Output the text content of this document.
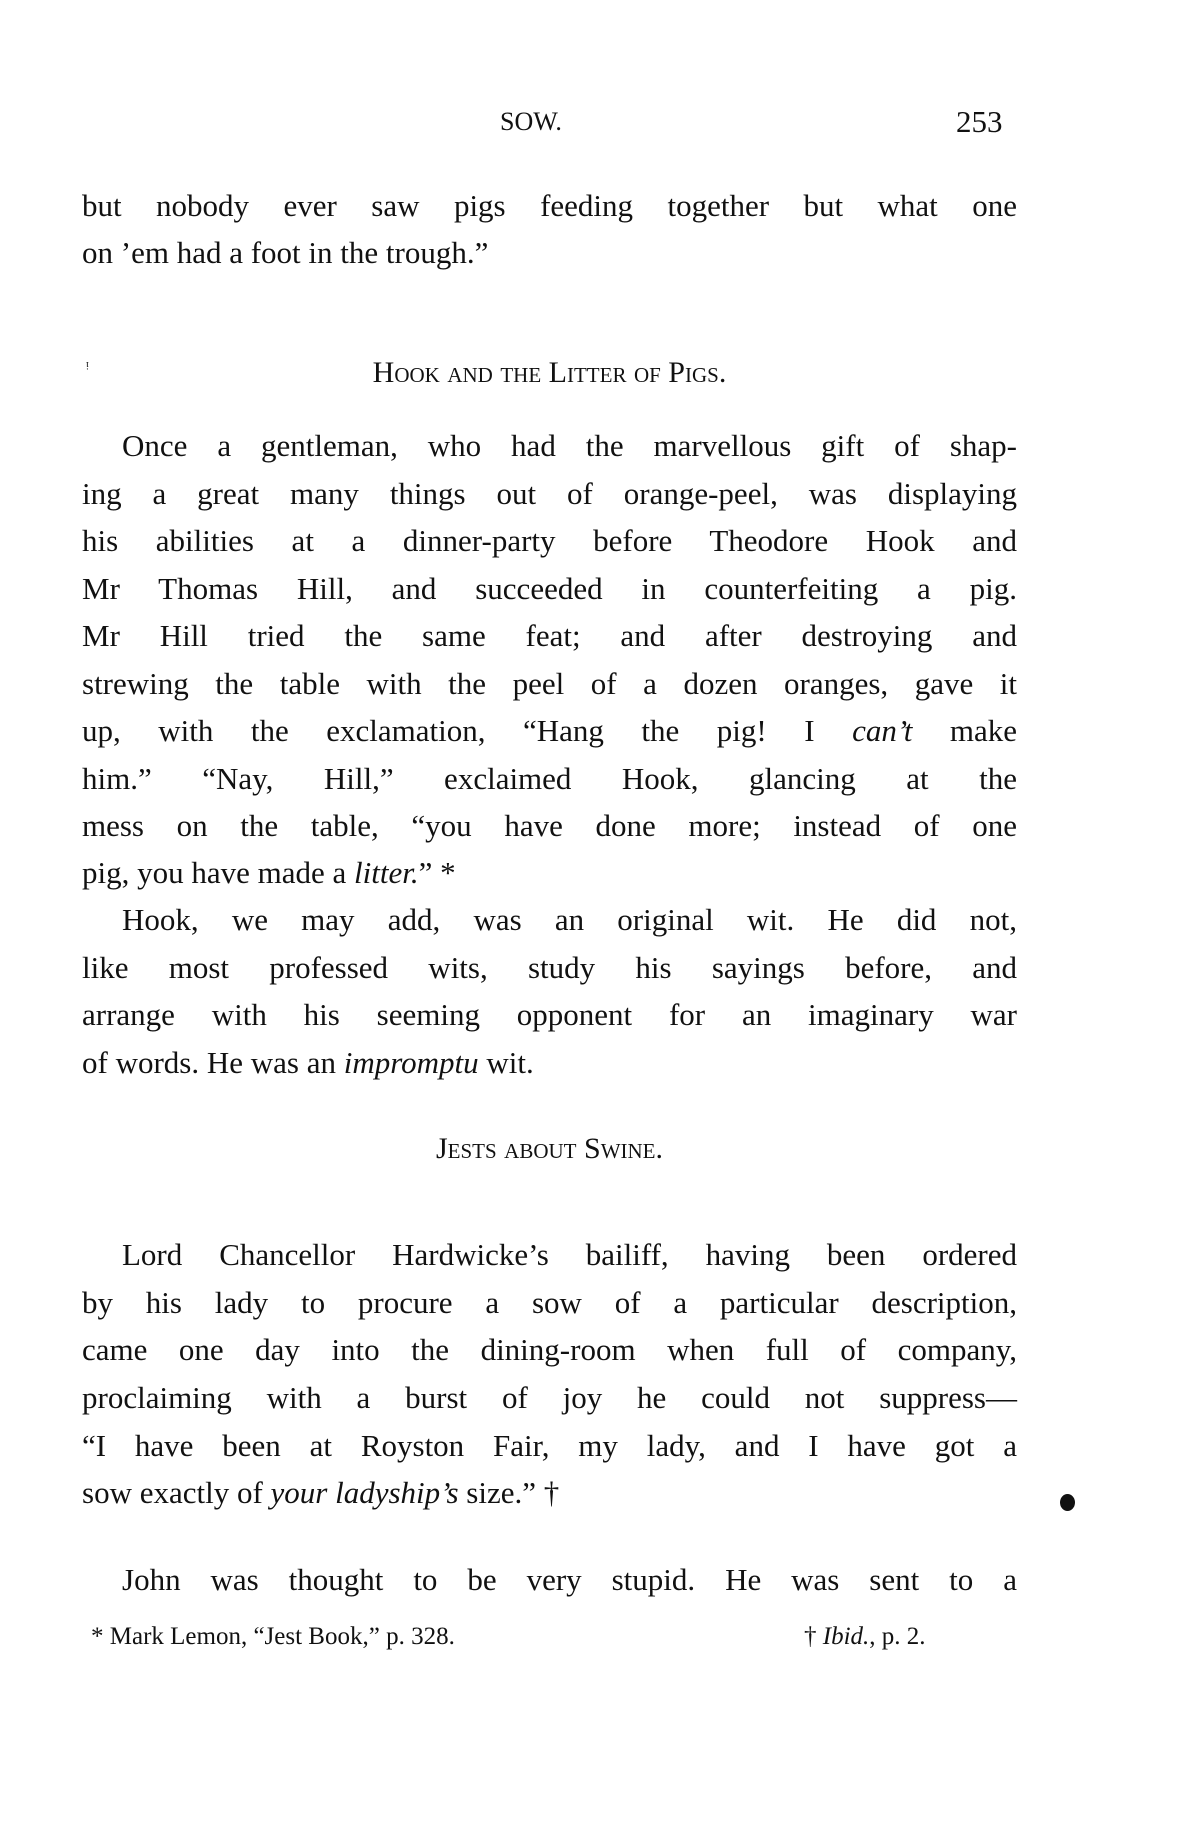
SOW.	253
but nobody ever saw pigs feeding together but what one
on ’em had a foot in the trough.”
Hook and the Litter of Pigs.
Once a gentleman, who had the marvellous gift of shap-
ing a great many things out of orange-peel, was displaying
his abilities at a dinner-party before Theodore Hook and
Mr Thomas Hill, and succeeded in counterfeiting a pig.
Mr Hill tried the same feat; and after destroying and
strewing the table with the peel of a dozen oranges, gave it
up, with the exclamation, “Hang the pig! I can’t make
him.” “Nay, Hill,” exclaimed Hook, glancing at the
mess on the table, “you have done more; instead of one
pig, you have made a litter.” *
Hook, we may add, was an original wit. He did not,
like most professed wits, study his sayings before, and
arrange with his seeming opponent for an imaginary war
of words. He was an impromptu wit.
Jests about Swine.
Lord Chancellor Hardwicke’s bailiff, having been ordered
by his lady to procure a sow of a particular description,
came one day into the dining-room when full of company,
proclaiming with a burst of joy he could not suppress—
“I have been at Royston Fair, my lady, and I have got a
sow exactly of your ladyship’s size.” †
John was thought to be very stupid. He was sent to a
* Mark Lemon, “Jest Book,” p. 328.	† Ibid., p. 2.
ᵎ
